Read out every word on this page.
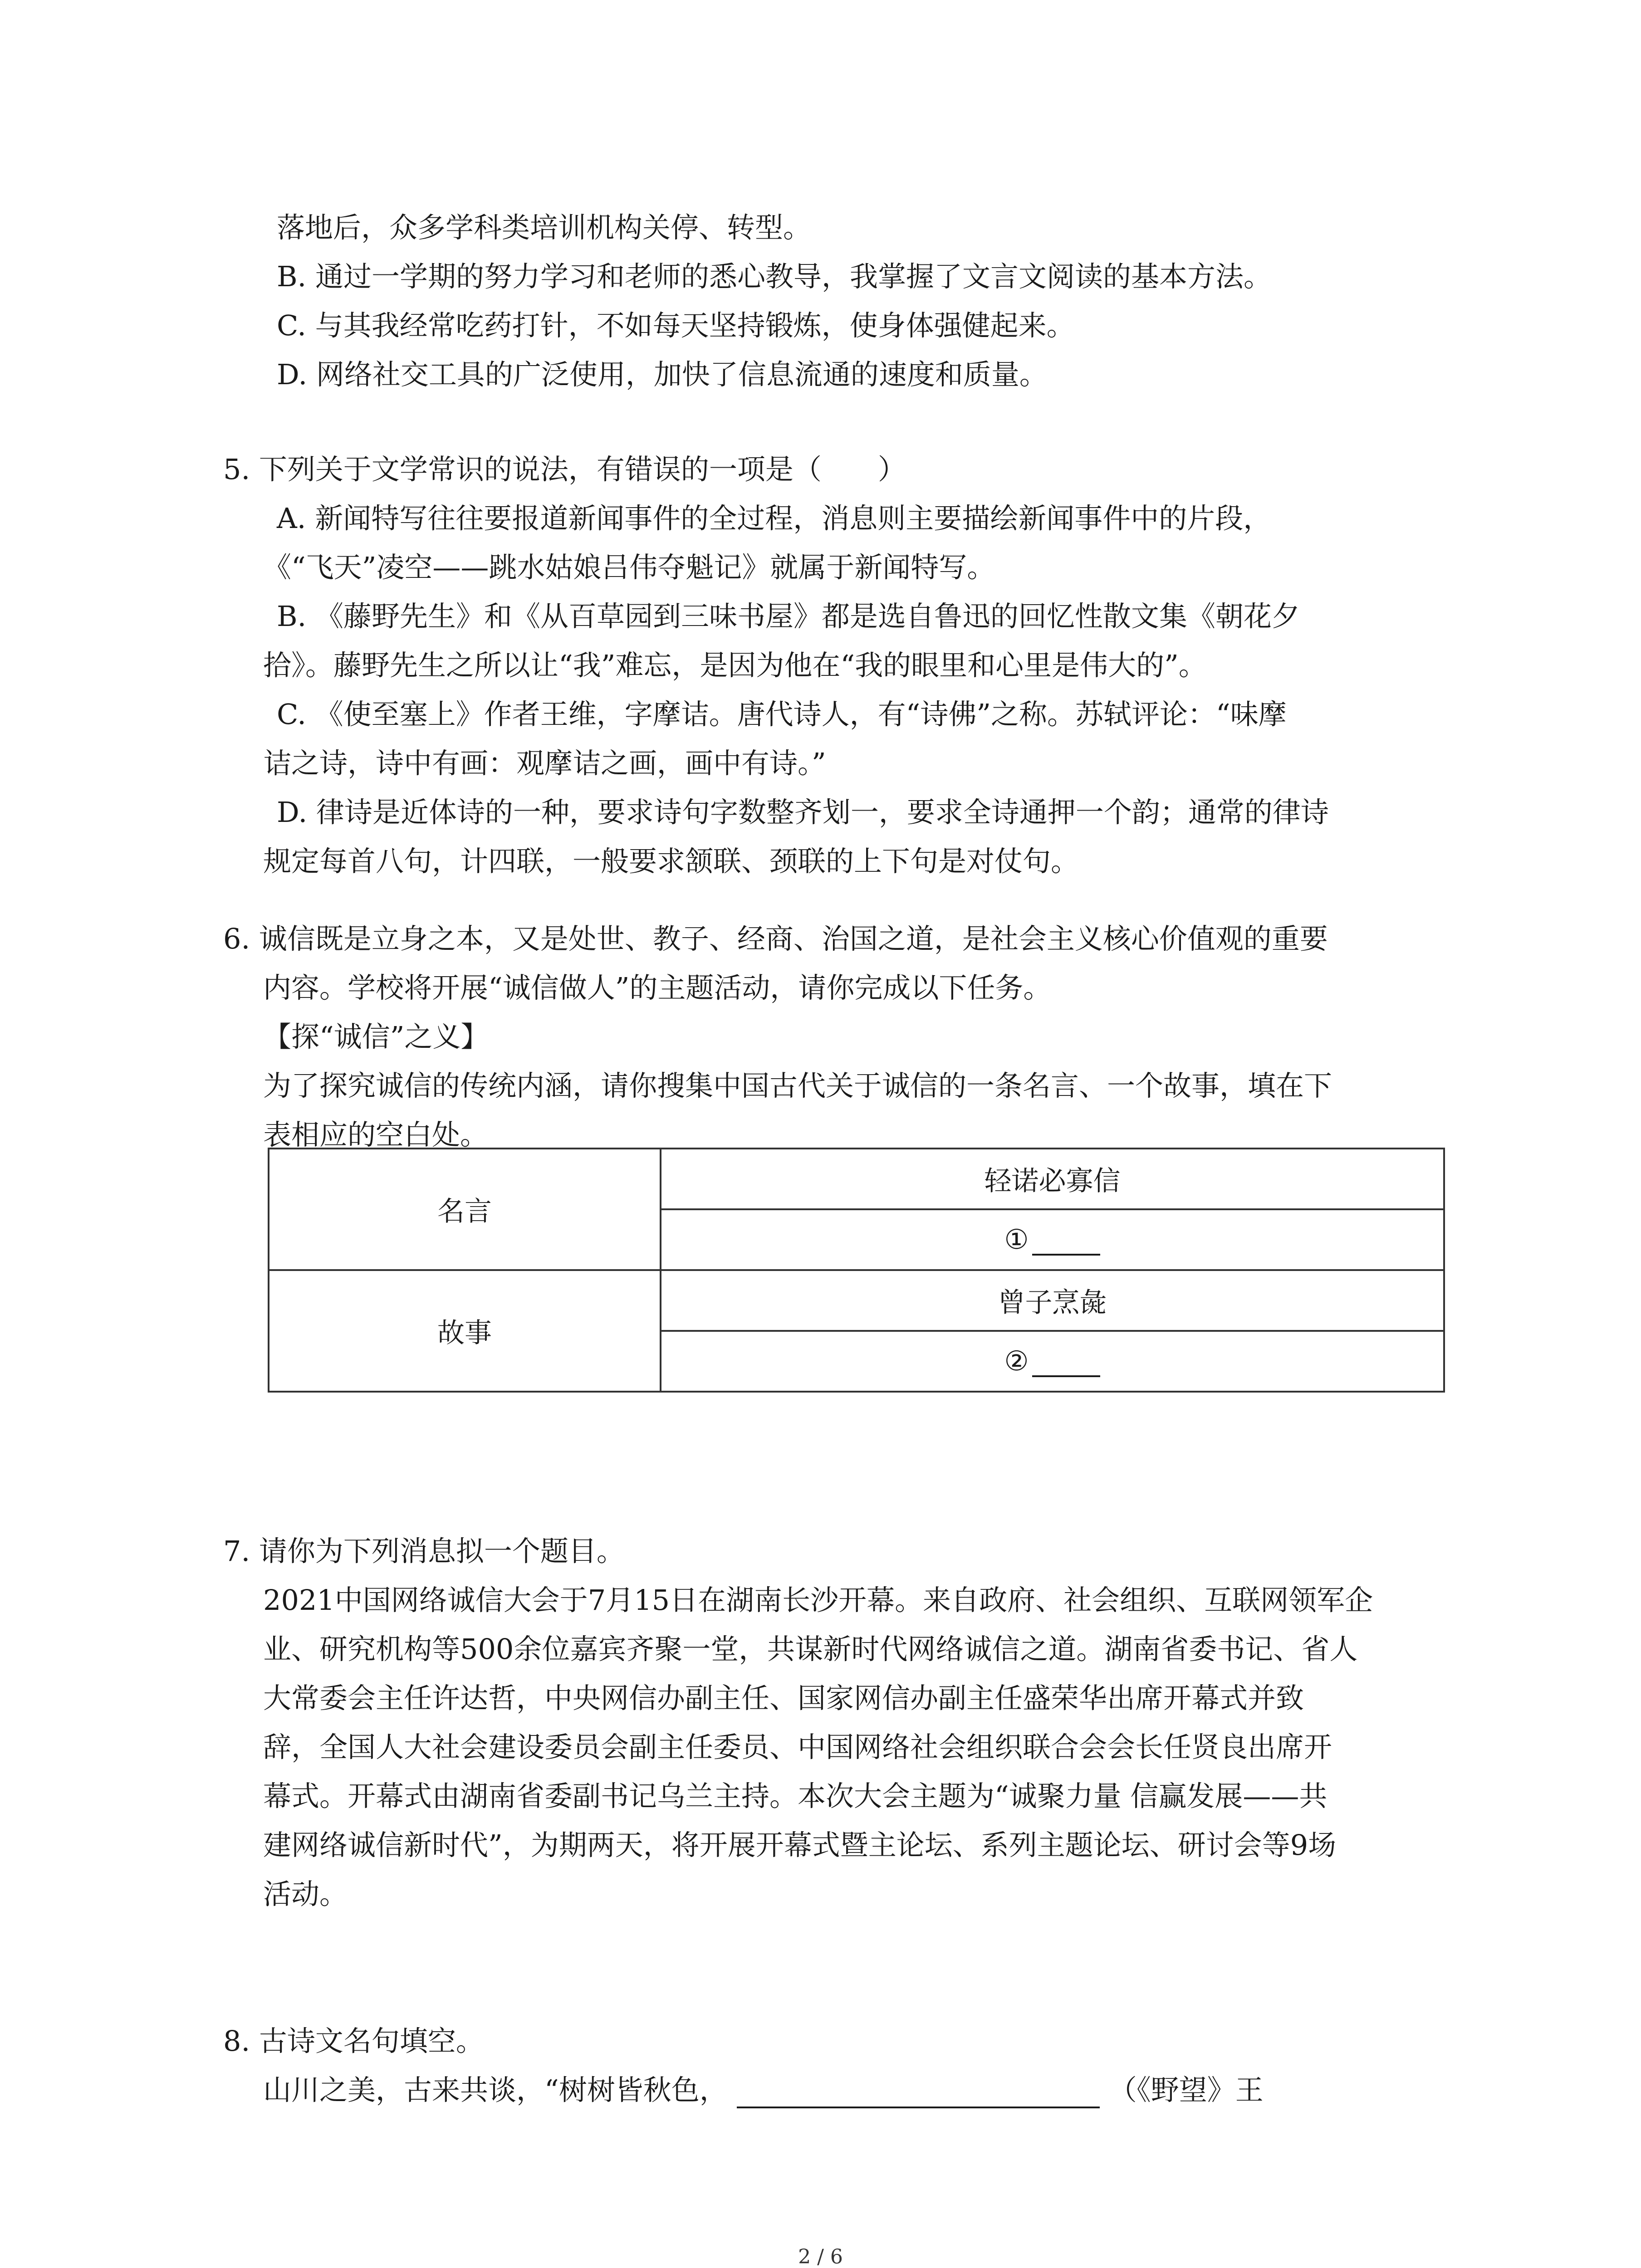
落地后，众多学科类培训机构关停、转型。
B. 通过一学期的努力学习和老师的悉心教导，我掌握了文言文阅读的基本方法。
C. 与其我经常吃药打针，不如每天坚持锻炼，使身体强健起来。
D. 网络社交工具的广泛使用，加快了信息流通的速度和质量。
5. 下列关于文学常识的说法，有错误的一项是（　　）
A. 新闻特写往往要报道新闻事件的全过程，消息则主要描绘新闻事件中的片段，
《“飞天”凌空——跳水姑娘吕伟夺魁记》就属于新闻特写。
B. 《藤野先生》和《从百草园到三味书屋》都是选自鲁迅的回忆性散文集《朝花夕
拾》。藤野先生之所以让“我”难忘，是因为他在“我的眼里和心里是伟大的”。
C. 《使至塞上》作者王维，字摩诘。唐代诗人，有“诗佛”之称。苏轼评论：“味摩
诘之诗，诗中有画：观摩诘之画，画中有诗。”
D. 律诗是近体诗的一种，要求诗句字数整齐划一，要求全诗通押一个韵；通常的律诗
规定每首八句，计四联，一般要求颔联、颈联的上下句是对仗句。
6. 诚信既是立身之本，又是处世、教子、经商、治国之道，是社会主义核心价值观的重要
内容。学校将开展“诚信做人”的主题活动，请你完成以下任务。
【探“诚信”之义】
为了探究诚信的传统内涵，请你搜集中国古代关于诚信的一条名言、一个故事，填在下
表相应的空白处。
名言	轻诺必寡信
	①
故事	曾子烹彘
	②
7. 请你为下列消息拟一个题目。
2021中国网络诚信大会于7月15日在湖南长沙开幕。来自政府、社会组织、互联网领军企
业、研究机构等500余位嘉宾齐聚一堂，共谋新时代网络诚信之道。湖南省委书记、省人
大常委会主任许达哲，中央网信办副主任、国家网信办副主任盛荣华出席开幕式并致
辞，全国人大社会建设委员会副主任委员、中国网络社会组织联合会会长任贤良出席开
幕式。开幕式由湖南省委副书记乌兰主持。本次大会主题为“诚聚力量 信赢发展——共
建网络诚信新时代”，为期两天，将开展开幕式暨主论坛、系列主题论坛、研讨会等9场
活动。
8. 古诗文名句填空。
山川之美，古来共谈，“树树皆秋色，	（《野望》王
2 / 6
